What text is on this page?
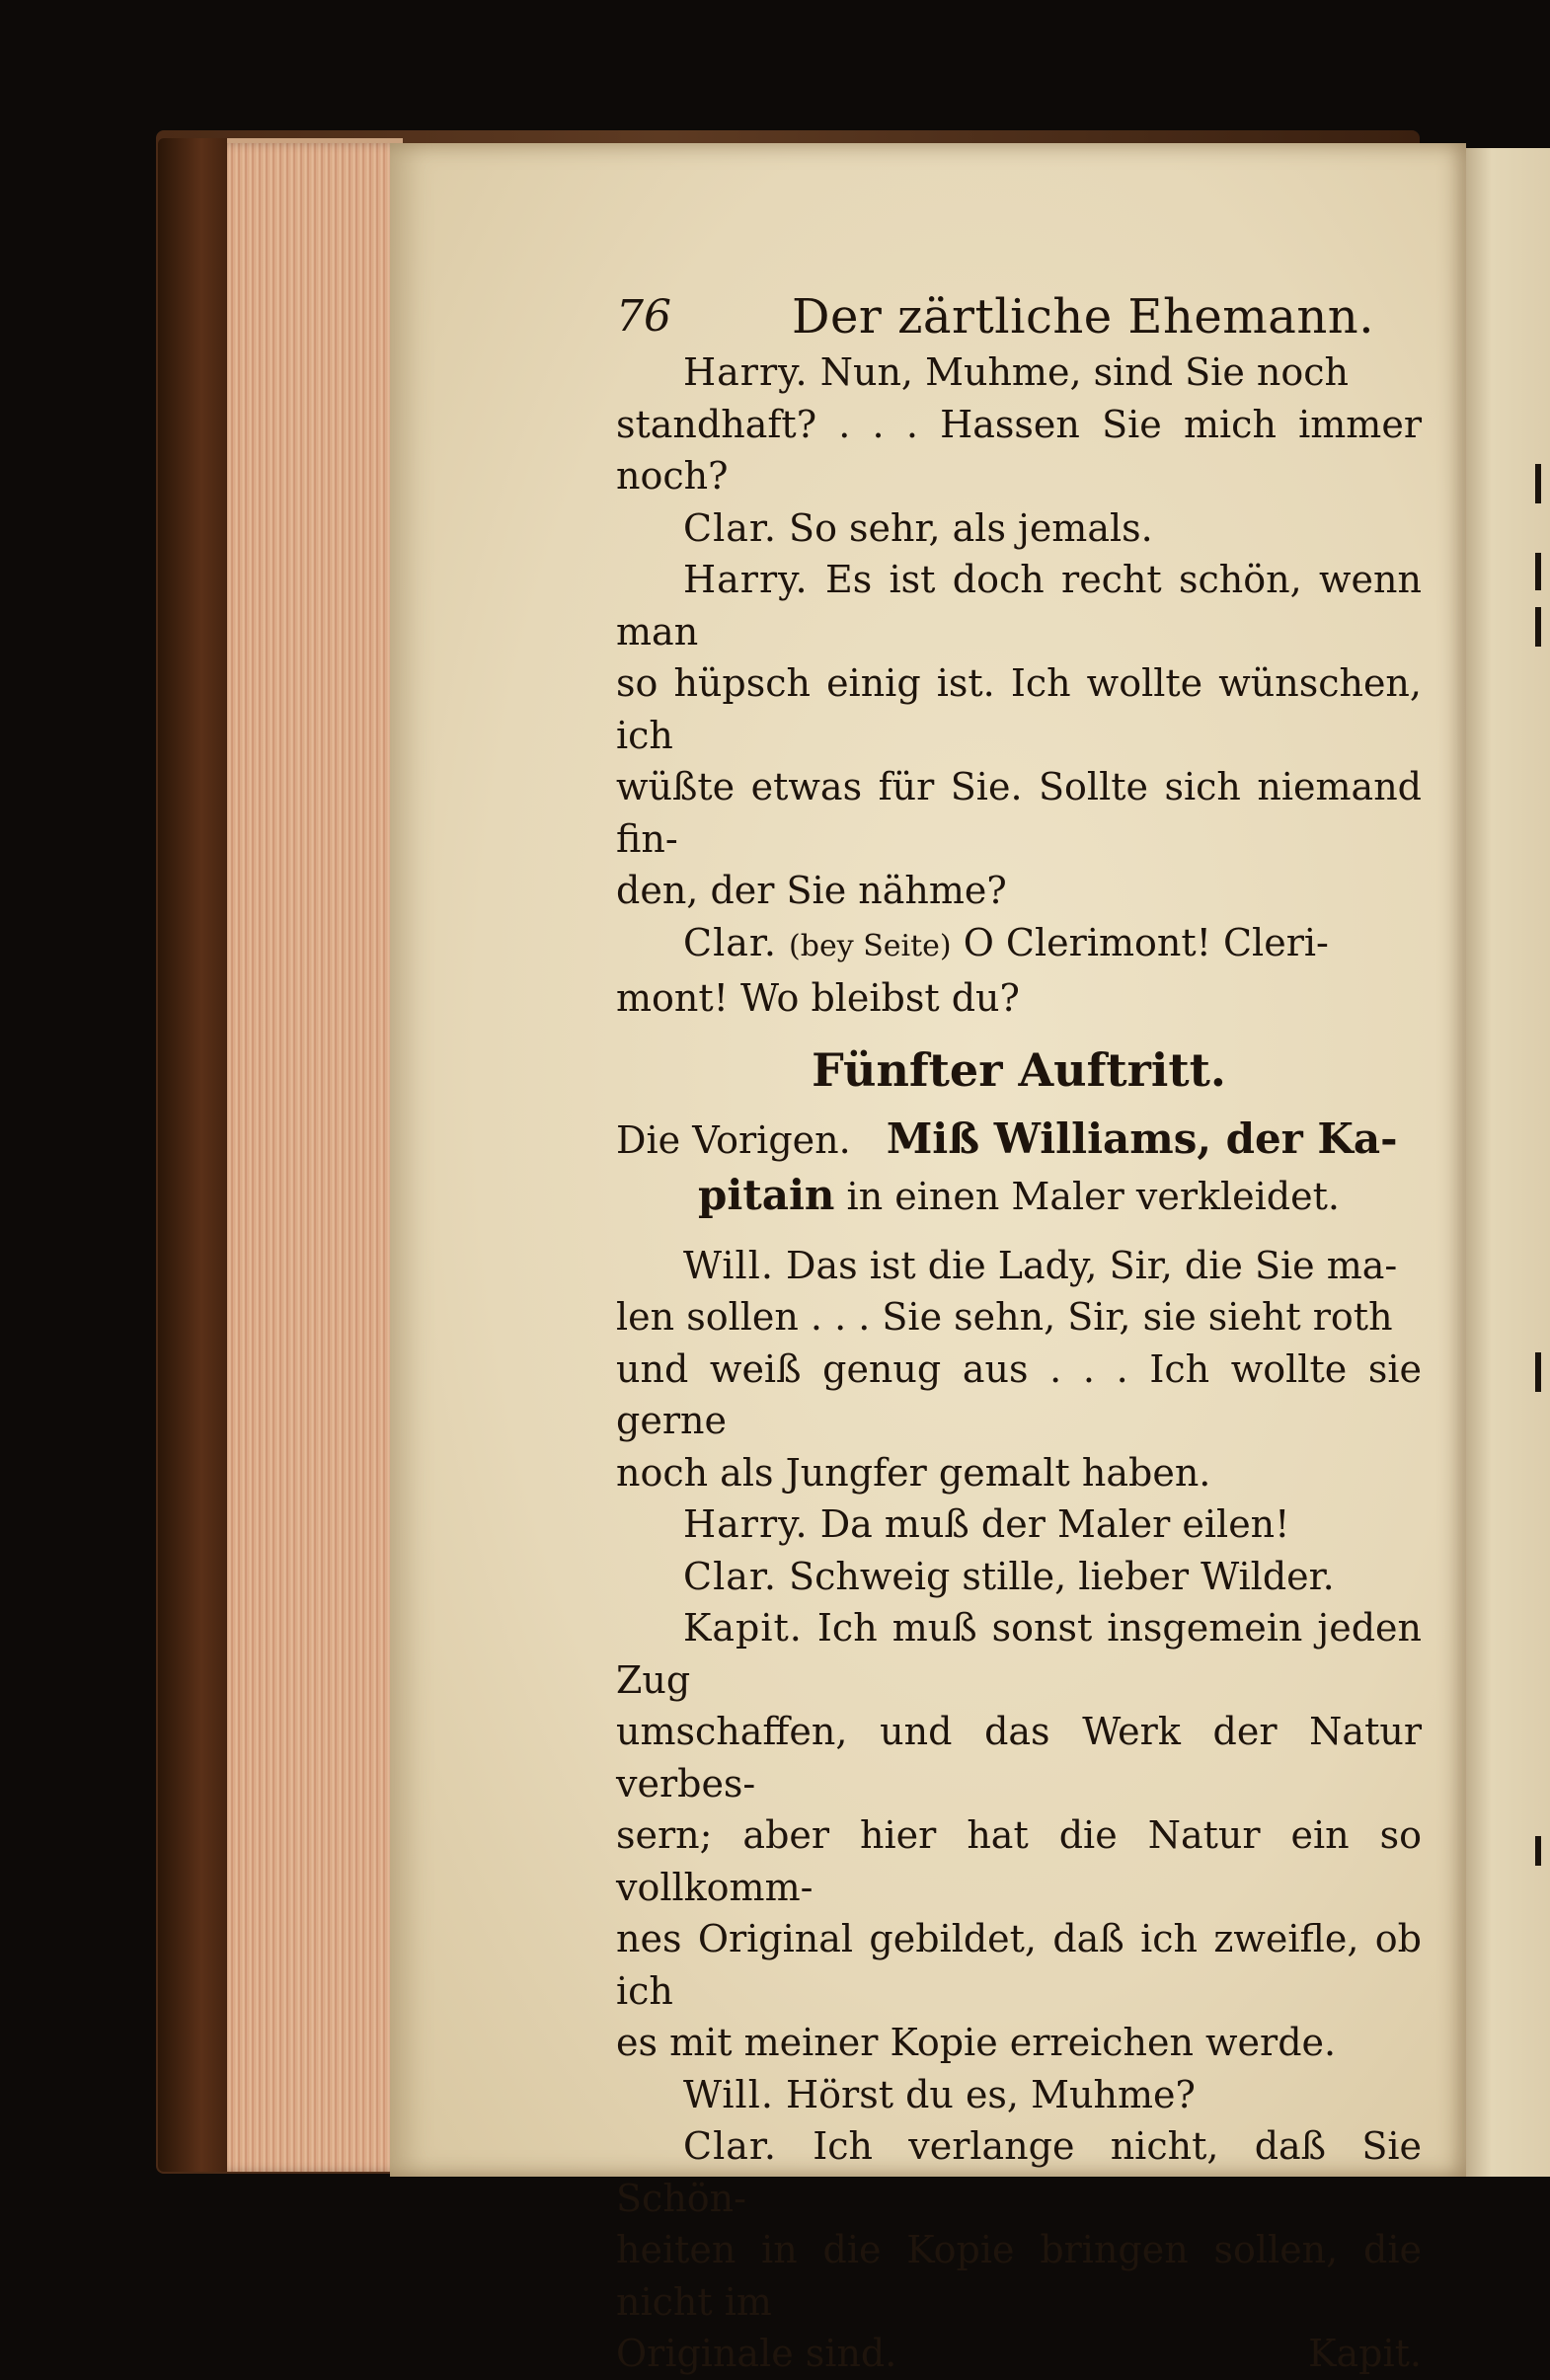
76	Der zärtliche Ehemann.

Harry. Nun, Muhme, sind Sie noch

standhaft? . . . Hassen Sie mich immer noch?

Clar. So sehr, als jemals.

Harry. Es ist doch recht schön, wenn man

so hüpsch einig ist. Ich wollte wünschen, ich

wüßte etwas für Sie. Sollte sich niemand fin-

den, der Sie nähme?

Clar. (bey Seite) O Clerimont! Cleri-

mont! Wo bleibst du?

Fünfter Auftritt.

Die Vorigen. Miß Williams, der Ka-

pitain in einen Maler verkleidet.

Will. Das ist die Lady, Sir, die Sie ma-

len sollen . . . Sie sehn, Sir, sie sieht roth

und weiß genug aus . . . Ich wollte sie gerne

noch als Jungfer gemalt haben.

Harry. Da muß der Maler eilen!

Clar. Schweig stille, lieber Wilder.

Kapit. Ich muß sonst insgemein jeden Zug

umschaffen, und das Werk der Natur verbes-

sern; aber hier hat die Natur ein so vollkomm-

nes Original gebildet, daß ich zweifle, ob ich

es mit meiner Kopie erreichen werde.

Will. Hörst du es, Muhme?

Clar. Ich verlange nicht, daß Sie Schön-

heiten in die Kopie bringen sollen, die nicht im

Originale sind.	Kapit.
